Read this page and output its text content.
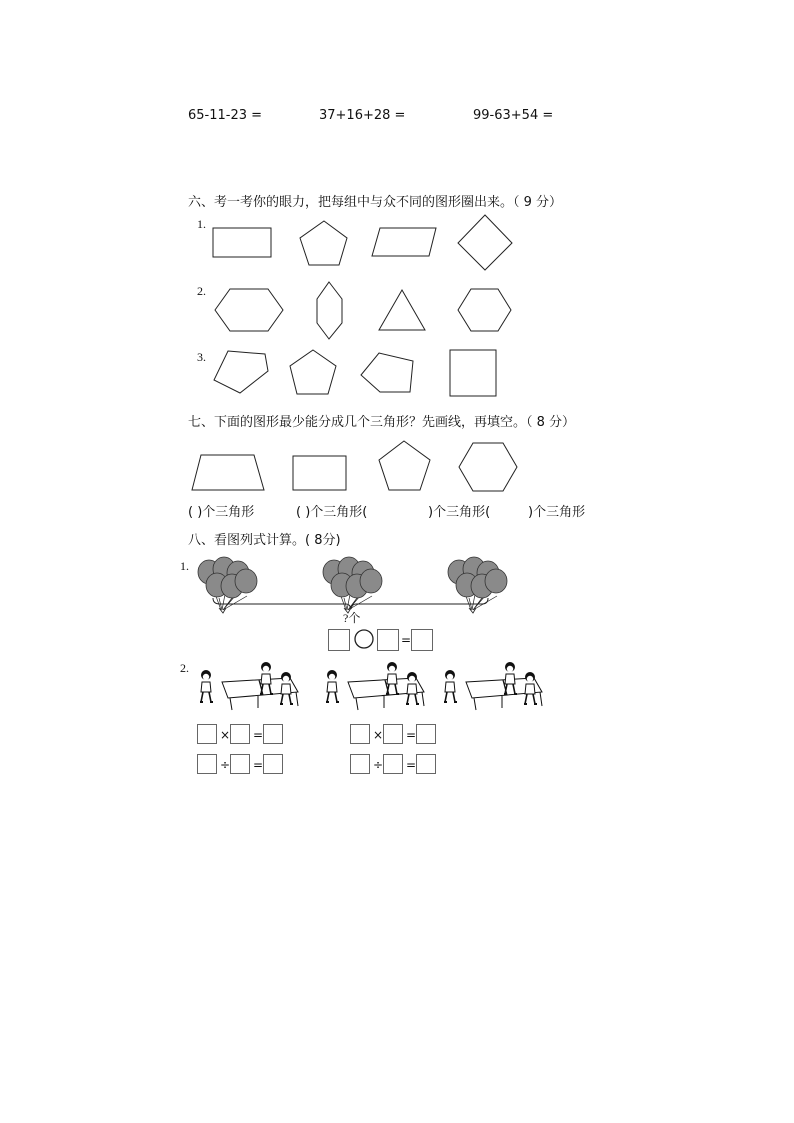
65-11-23 =	37+16+28 =	99-63+54 =
六、考一考你的眼力，把每组中与众不同的图形圈出来。（ 9 分）
1.
2.
3.
七、下面的图形最少能分成几个三角形？先画线，再填空。（ 8 分）
( )个三角形	( )个三角形(	)个三角形(	)个三角形
八、看图列式计算。( 8分)
1.
?个
=
2.
× =
÷ =
× =
÷ =
